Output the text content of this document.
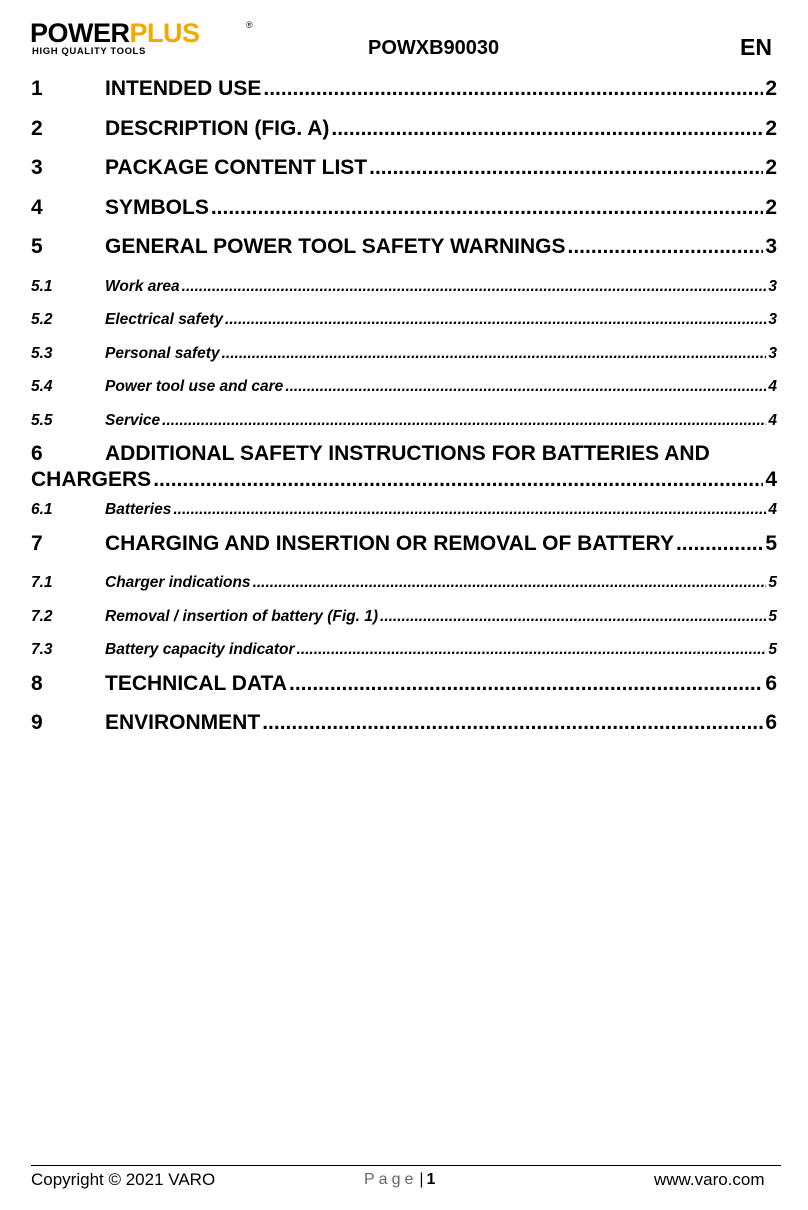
POWERPLUS	®
HIGH QUALITY TOOLS	POWXB90030	EN
1	INTENDED USE .....	2
2	DESCRIPTION (FIG. A) .....	2
3	PACKAGE CONTENT LIST .....	2
4	SYMBOLS .....	2
5	GENERAL POWER TOOL SAFETY WARNINGS .....	3
5.1	Work area .....	3
5.2	Electrical safety .....	3
5.3	Personal safety .....	3
5.4	Power tool use and care .....	4
5.5	Service .....	4
6	ADDITIONAL SAFETY INSTRUCTIONS FOR BATTERIES AND
CHARGERS .....	4
6.1	Batteries .....	4
7	CHARGING AND INSERTION OR REMOVAL OF BATTERY .....	5
7.1	Charger indications .....	5
7.2	Removal / insertion of battery (Fig. 1) .....	5
7.3	Battery capacity indicator .....	5
8	TECHNICAL DATA .....	6
9	ENVIRONMENT .....	6
Copyright © 2021 VARO	Page | 1	www.varo.com
